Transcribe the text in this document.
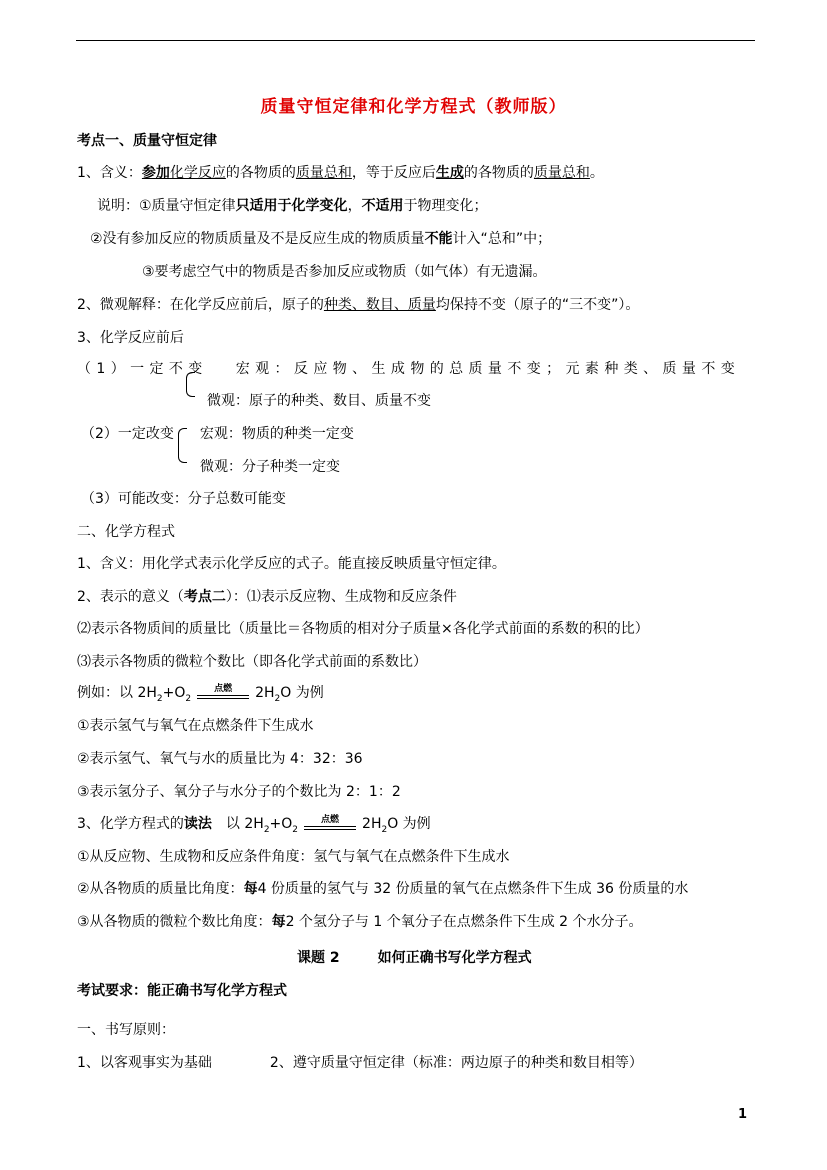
质量守恒定律和化学方程式（教师版）
考点一、质量守恒定律
1、含义：参加化学反应的各物质的质量总和，等于反应后生成的各物质的质量总和。
说明：①质量守恒定律只适用于化学变化，不适用于物理变化；
②没有参加反应的物质质量及不是反应生成的物质质量不能计入“总和”中；
③要考虑空气中的物质是否参加反应或物质（如气体）有无遗漏。
2、微观解释：在化学反应前后，原子的种类、数目、质量均保持不变（原子的“三不变”）。
3、化学反应前后
（1）一定不变 宏观：反应物、生成物的总质量不变；元素种类、质量不变
微观：原子的种类、数目、质量不变
（2）一定改变 宏观：物质的种类一定变
微观：分子种类一定变
（3）可能改变：分子总数可能变
二、化学方程式
1、含义：用化学式表示化学反应的式子。能直接反映质量守恒定律。
2、表示的意义（考点二）：⑴表示反应物、生成物和反应条件
⑵表示各物质间的质量比（质量比＝各物质的相对分子质量×各化学式前面的系数的积的比）
⑶表示各物质的微粒个数比（即各化学式前面的系数比）
例如：以 $2H_2+O_2$
点燃	$2H_2O$ 为例
①表示氢气与氧气在点燃条件下生成水
②表示氢气、氧气与水的质量比为 4：32：36
③表示氢分子、氧分子与水分子的个数比为 2：1：2
3、化学方程式的读法 以 $2H_2+O_2$
点燃	$2H_2O$ 为例
①从反应物、生成物和反应条件角度：氢气与氧气在点燃条件下生成水
②从各物质的质量比角度：每4 份质量的氢气与 32 份质量的氧气在点燃条件下生成 36 份质量的水
③从各物质的微粒个数比角度：每2 个氢分子与 1 个氧分子在点燃条件下生成 2 个水分子。
课题 2	如何正确书写化学方程式
考试要求：能正确书写化学方程式
一、书写原则：
1、以客观事实为基础	2、遵守质量守恒定律（标准：两边原子的种类和数目相等）
1
